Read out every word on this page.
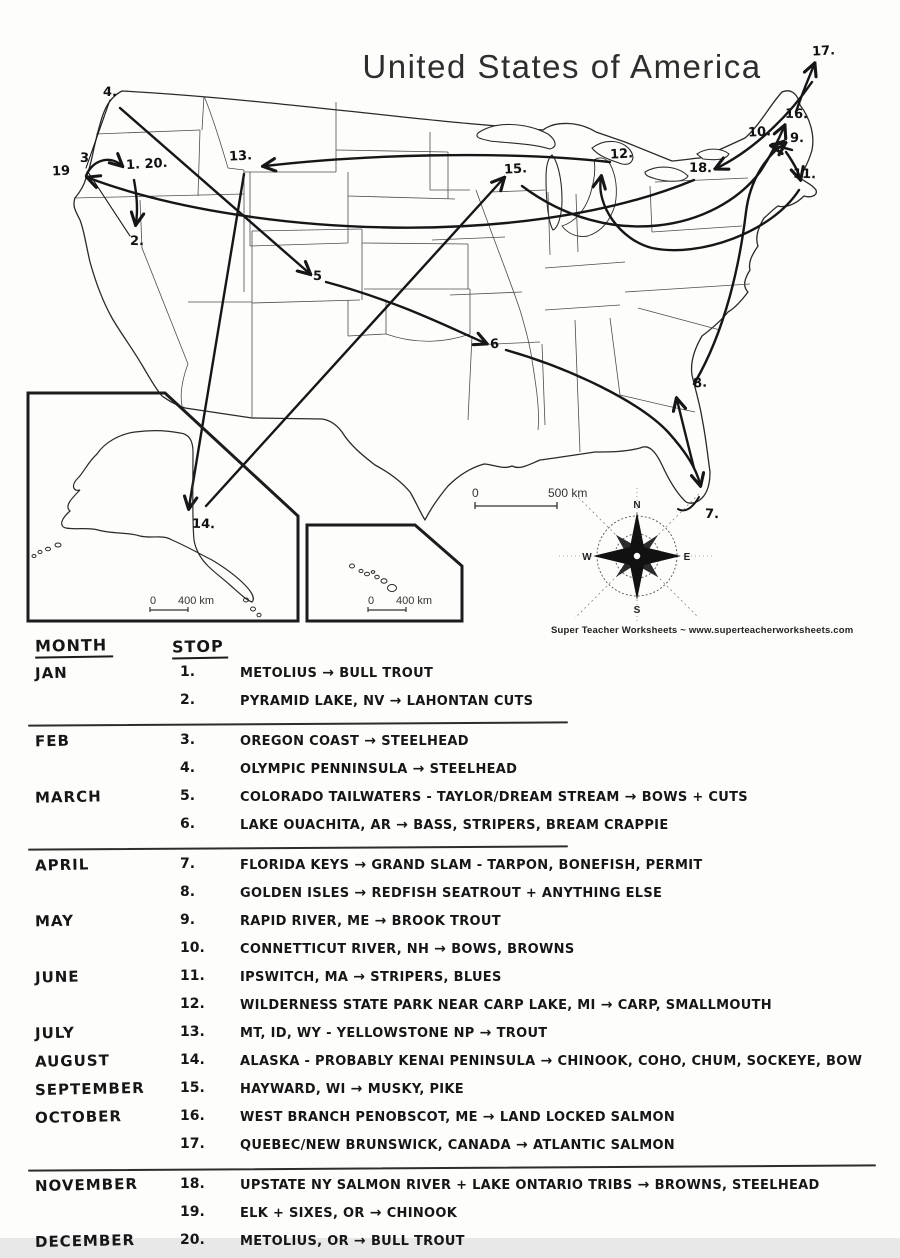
0 400 km	0 400 km
0	500 km
N
S
W	E
United States of America
4.
19
3	1. 20.
2.
13.
5
6
7.
8.
9.
10.
11.
12.
14.
15.
16.
17.
18.
Super Teacher Worksheets ~ www.superteacherworksheets.com
MONTH	STOP
JAN	1.	METOLIUS → BULL TROUT
2.	PYRAMID LAKE, NV → LAHONTAN CUTS
FEB	3.	OREGON COAST → STEELHEAD
4.	OLYMPIC PENNINSULA → STEELHEAD
MARCH	5.	COLORADO TAILWATERS - TAYLOR/DREAM STREAM → BOWS + CUTS
6.	LAKE OUACHITA, AR → BASS, STRIPERS, BREAM CRAPPIE
APRIL	7.	FLORIDA KEYS → GRAND SLAM - TARPON, BONEFISH, PERMIT
8.	GOLDEN ISLES → REDFISH SEATROUT + ANYTHING ELSE
MAY	9.	RAPID RIVER, ME → BROOK TROUT
10.	CONNETTICUT RIVER, NH → BOWS, BROWNS
JUNE	11.	IPSWITCH, MA → STRIPERS, BLUES
12.	WILDERNESS STATE PARK NEAR CARP LAKE, MI → CARP, SMALLMOUTH
JULY	13.	MT, ID, WY - YELLOWSTONE NP → TROUT
AUGUST	14.	ALASKA - PROBABLY KENAI PENINSULA → CHINOOK, COHO, CHUM, SOCKEYE, BOW
SEPTEMBER	15.	HAYWARD, WI → MUSKY, PIKE
OCTOBER	16.	WEST BRANCH PENOBSCOT, ME → LAND LOCKED SALMON
17.	QUEBEC/NEW BRUNSWICK, CANADA → ATLANTIC SALMON
NOVEMBER	18.	UPSTATE NY SALMON RIVER + LAKE ONTARIO TRIBS → BROWNS, STEELHEAD
19.	ELK + SIXES, OR → CHINOOK
DECEMBER	20.	METOLIUS, OR → BULL TROUT
